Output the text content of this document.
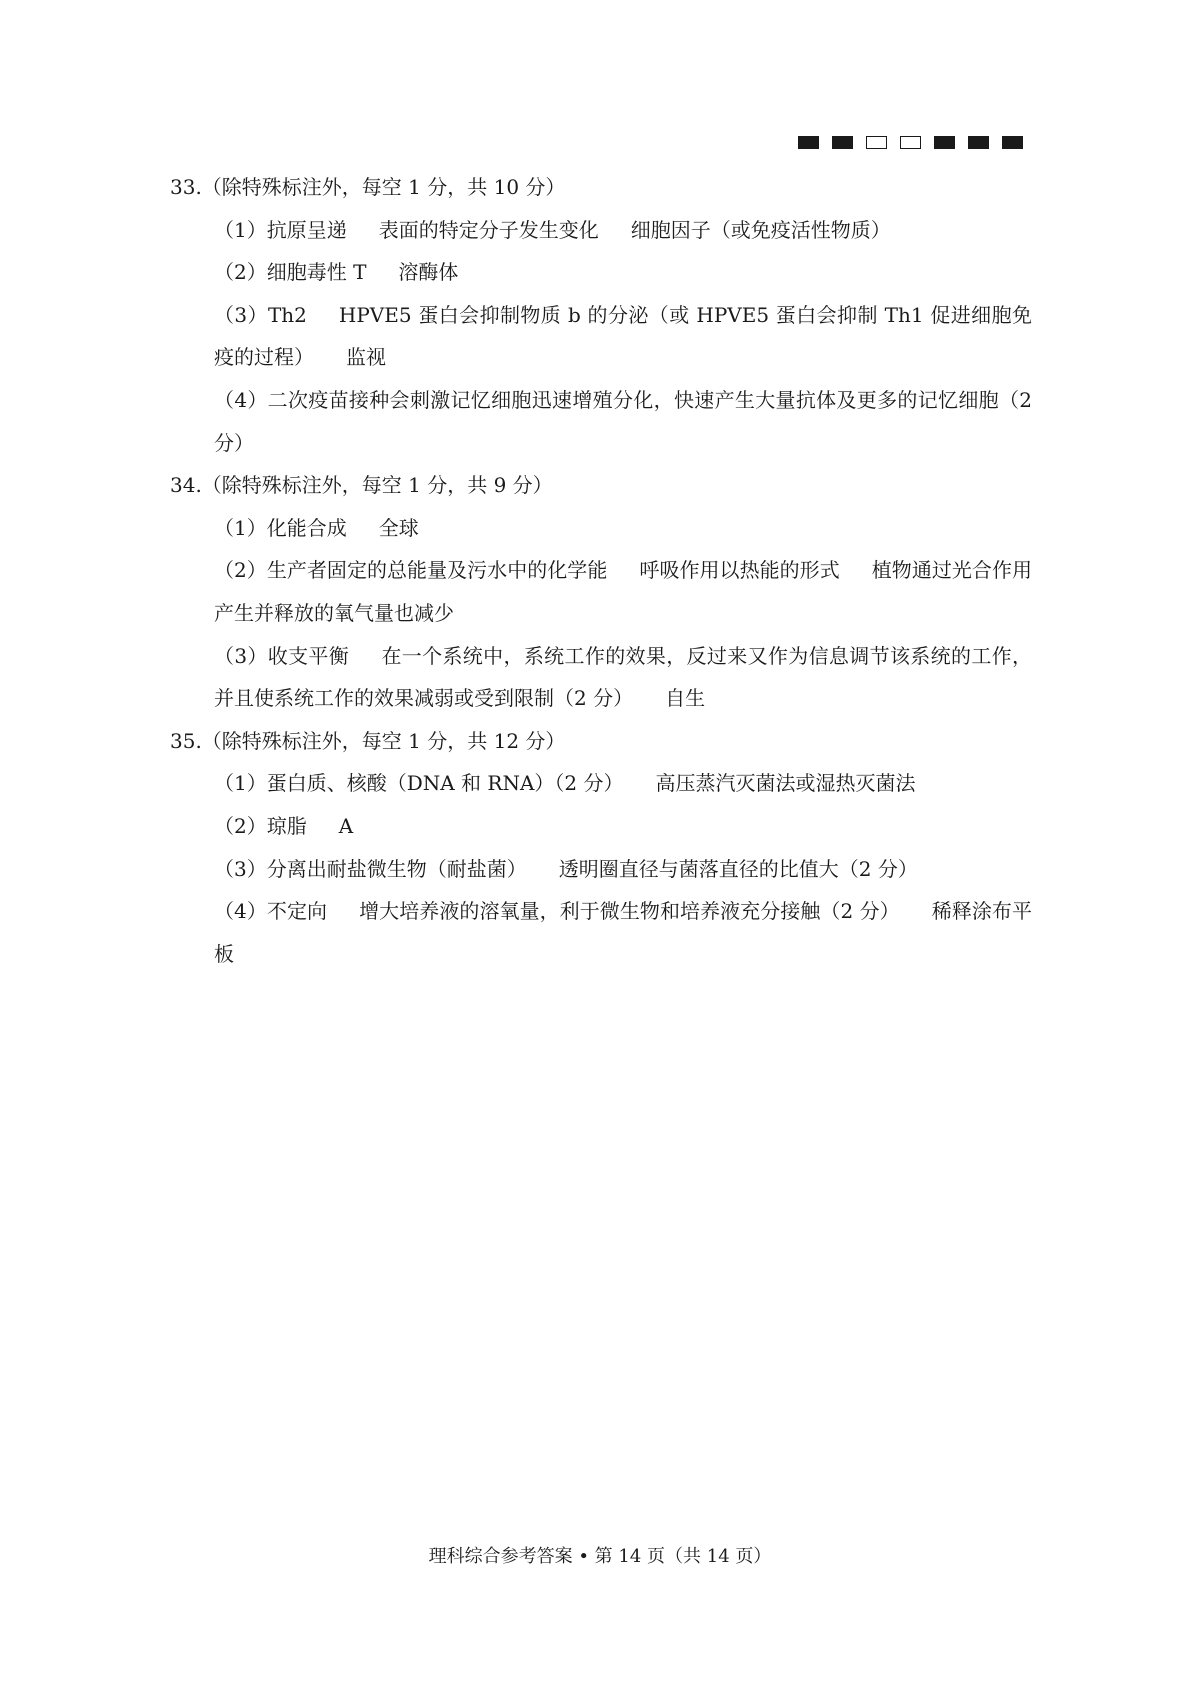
33.（除特殊标注外，每空 1 分，共 10 分）

（1）抗原呈递 表面的特定分子发生变化 细胞因子（或免疫活性物质）

（2）细胞毒性 T 溶酶体

（3）Th2 HPVE5 蛋白会抑制物质 b 的分泌（或 HPVE5 蛋白会抑制 Th1 促进细胞免疫的过程） 监视

（4）二次疫苗接种会刺激记忆细胞迅速增殖分化，快速产生大量抗体及更多的记忆细胞（2 分）

34.（除特殊标注外，每空 1 分，共 9 分）

（1）化能合成 全球

（2）生产者固定的总能量及污水中的化学能 呼吸作用以热能的形式 植物通过光合作用产生并释放的氧气量也减少

（3）收支平衡 在一个系统中，系统工作的效果，反过来又作为信息调节该系统的工作，并且使系统工作的效果减弱或受到限制（2 分） 自生

35.（除特殊标注外，每空 1 分，共 12 分）

（1）蛋白质、核酸（DNA 和 RNA）（2 分） 高压蒸汽灭菌法或湿热灭菌法

（2）琼脂 A

（3）分离出耐盐微生物（耐盐菌） 透明圈直径与菌落直径的比值大（2 分）

（4）不定向 增大培养液的溶氧量，利于微生物和培养液充分接触（2 分） 稀释涂布平板

理科综合参考答案 • 第 14 页（共 14 页）
